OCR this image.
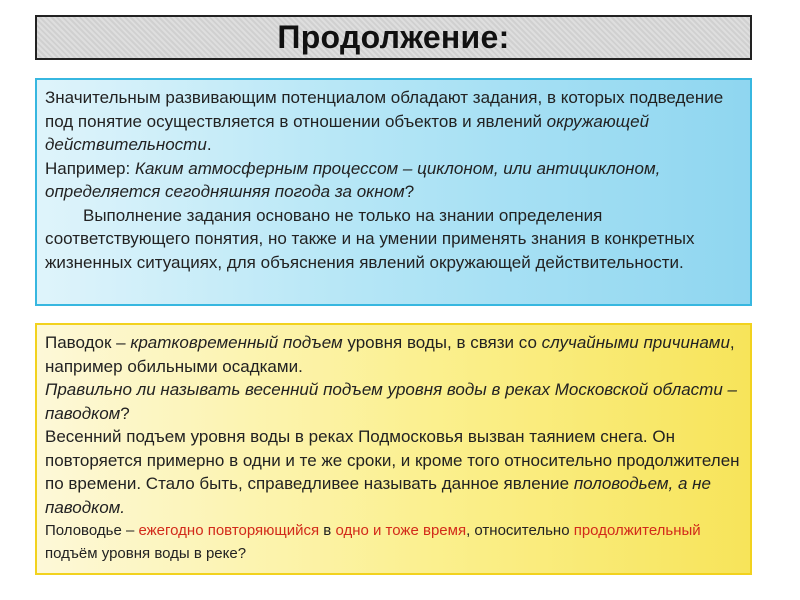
Продолжение:

Значительным развивающим потенциалом обладают задания, в которых подведение под понятие осуществляется в отношении объектов и явлений окружающей действительности.

Например: Каким атмосферным процессом – циклоном, или антициклоном, определяется сегодняшняя погода за окном?

Выполнение задания основано не только на знании определения соответствующего понятия, но также и на умении применять знания в конкретных жизненных ситуациях, для объяснения явлений окружающей действительности.

Паводок – кратковременный подъем уровня воды, в связи со случайными причинами, например обильными осадками.

Правильно ли называть весенний подъем уровня воды в реках Московской области – паводком?

Весенний подъем уровня воды в реках Подмосковья вызван таянием снега. Он повторяется примерно в одни и те же сроки, и кроме того относительно продолжителен по времени. Стало быть, справедливее называть данное явление половодьем, а не паводком.

Половодье – ежегодно повторяющийся в одно и тоже время, относительно продолжительный подъём уровня воды в реке?
